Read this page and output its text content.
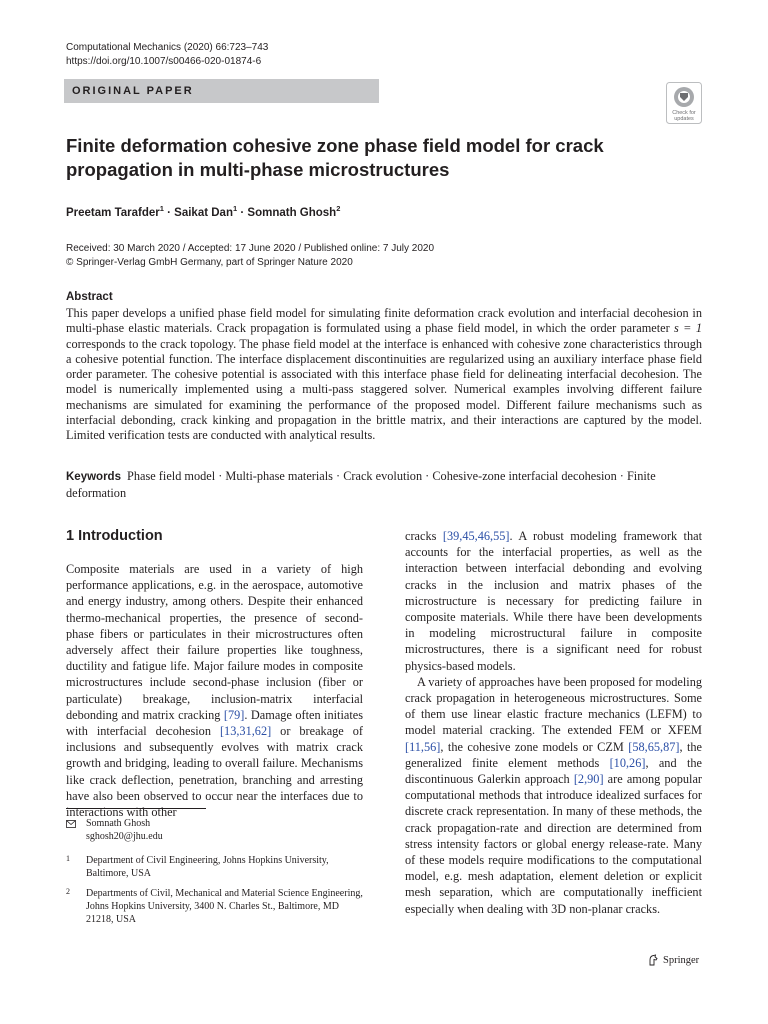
Computational Mechanics (2020) 66:723–743
https://doi.org/10.1007/s00466-020-01874-6
ORIGINAL PAPER
Check for
updates
Finite deformation cohesive zone phase field model for crack propagation in multi-phase microstructures
Preetam Tarafder$^1$ · Saikat Dan$^1$ · Somnath Ghosh$^2$
Received: 30 March 2020 / Accepted: 17 June 2020 / Published online: 7 July 2020
© Springer-Verlag GmbH Germany, part of Springer Nature 2020
Abstract

This paper develops a unified phase field model for simulating finite deformation crack evolution and interfacial decohesion in multi-phase elastic materials. Crack propagation is formulated using a phase field model, in which the order parameter s = 1 corresponds to the crack topology. The phase field model at the interface is enhanced with cohesive zone characteristics through a cohesive potential function. The interface displacement discontinuities are regularized using an auxiliary interface phase field order parameter. The cohesive potential is associated with this interface phase field for delineating interfacial decohesion. The model is numerically implemented using a multi-pass staggered solver. Numerical examples involving different failure mechanisms are simulated for examining the performance of the proposed model. Different failure mechanisms such as interfacial debonding, crack kinking and propagation in the brittle matrix, and their interactions are captured by the model. Limited verification tests are conducted with analytical results.

Keywords Phase field model · Multi-phase materials · Crack evolution · Cohesive-zone interfacial decohesion · Finite deformation

1 Introduction

Composite materials are used in a variety of high performance applications, e.g. in the aerospace, automotive and energy industry, among others. Despite their enhanced thermo-mechanical properties, the presence of second-phase fibers or particulates in their microstructures often adversely affect their failure properties like toughness, ductility and fatigue life. Major failure modes in composite microstructures include second-phase inclusion (fiber or particulate) breakage, inclusion-matrix interfacial debonding and matrix cracking [79]. Damage often initiates with interfacial decohesion [13,31,62] or breakage of inclusions and subsequently evolves with matrix crack growth and bridging, leading to overall failure. Mechanisms like crack deflection, penetration, branching and arresting have also been observed to occur near the interfaces due to interactions with other

cracks [39,45,46,55]. A robust modeling framework that accounts for the interfacial properties, as well as the interaction between interfacial debonding and evolving cracks in the inclusion and matrix phases of the microstructure is necessary for predicting failure in composite materials. While there have been developments in modeling microstructural failure in composite microstructures, there is a significant need for robust physics-based models.

A variety of approaches have been proposed for modeling crack propagation in heterogeneous microstructures. Some of them use linear elastic fracture mechanics (LEFM) to model material cracking. The extended FEM or XFEM [11,56], the cohesive zone models or CZM [58,65,87], the generalized finite element methods [10,26], and the discontinuous Galerkin approach [2,90] are among popular computational methods that introduce idealized surfaces for discrete crack representation. In many of these methods, the crack propagation-rate and direction are determined from stress intensity factors or global energy release-rate. Many of these models require modifications to the computational model, e.g. mesh adaptation, element deletion or explicit mesh separation, which are computationally inefficient especially when dealing with 3D non-planar cracks.

Somnath Ghosh
sghosh20@jhu.edu
1 Department of Civil Engineering, Johns Hopkins University, Baltimore, USA
2 Departments of Civil, Mechanical and Material Science Engineering, Johns Hopkins University, 3400 N. Charles St., Baltimore, MD 21218, USA
Springer
